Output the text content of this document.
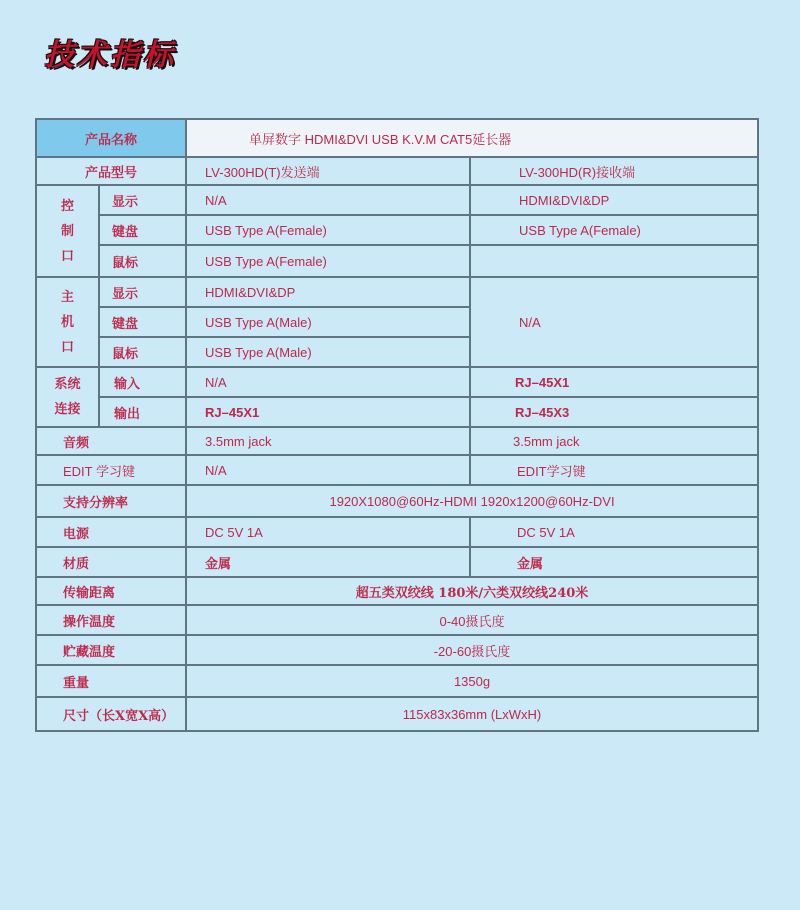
技术指标
产品名称		单屏数字 HDMI&DVI USB K.V.M CAT5延长器	
产品型号		LV-300HD(T)发送端	LV-300HD(R)接收端

控
制
口	显示	N/A	HDMI&DVI&DP
	键盘	USB Type A(Female)	USB Type A(Female)
	鼠标	USB Type A(Female)	

主
机
口	显示	HDMI&DVI&DP	N/A
	键盘	USB Type A(Male)	
	鼠标	USB Type A(Male)	

系统
连接	输入	N/A	RJ–45X1
	输出	RJ–45X1	RJ–45X3
音频		3.5mm jack	3.5mm jack
EDIT 学习键		N/A	EDIT学习键
支持分辨率		1920X1080@60Hz-HDMI 1920x1200@60Hz-DVI	
电源		DC 5V 1A	DC 5V 1A
材质		金属	金属
传输距离		超五类双绞线 180米/六类双绞线240米	
操作温度		0-40摄氏度	
贮藏温度		-20-60摄氏度	
重量		1350g	
尺寸（长X宽X高）		115x83x36mm (LxWxH)	
